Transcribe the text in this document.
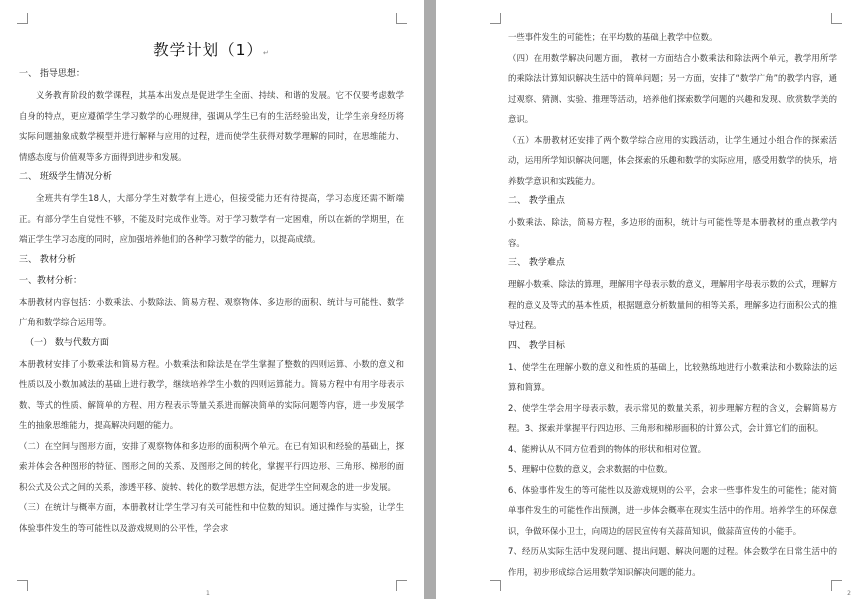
教学计划（1）↵
一、 指导思想：
义务教育阶段的数学课程，其基本出发点是促进学生全面、持续、和谐的发展。它不仅要考虑数学自身的特点，更应遵循学生学习数学的心理规律，强调从学生已有的生活经验出发，让学生亲身经历将实际问题抽象成数学模型并进行解释与应用的过程，进而使学生获得对数学理解的同时，在思维能力、情感态度与价值观等多方面得到进步和发展。
二、 班级学生情况分析
全班共有学生18人，大部分学生对数学有上进心，但接受能力还有待提高，学习态度还需不断端正。有部分学生自觉性不够，不能及时完成作业等。对于学习数学有一定困难，所以在新的学期里，在端正学生学习态度的同时，应加强培养他们的各种学习数学的能力，以提高成绩。
三、 教材分析
一、教材分析：
本册教材内容包括：小数乘法、小数除法、简易方程、观察物体、多边形的面积、统计与可能性、数学广角和数学综合运用等。
（一） 数与代数方面
本册教材安排了小数乘法和简易方程。小数乘法和除法是在学生掌握了整数的四则运算、小数的意义和性质以及小数加减法的基础上进行教学，继续培养学生小数的四则运算能力。简易方程中有用字母表示数、等式的性质、解简单的方程、用方程表示等量关系进而解决简单的实际问题等内容，进一步发展学生的抽象思维能力，提高解决问题的能力。
（二）在空间与图形方面，安排了观察物体和多边形的面积两个单元。在已有知识和经验的基础上，探索并体会各种图形的特征、图形之间的关系、及图形之间的转化，掌握平行四边形、三角形、梯形的面积公式及公式之间的关系，渗透平移、旋转、转化的数学思想方法，促进学生空间观念的进一步发展。
（三）在统计与概率方面，本册教材让学生学习有关可能性和中位数的知识。通过操作与实验，让学生体验事件发生的等可能性以及游戏规则的公平性，学会求
1
一些事件发生的可能性；在平均数的基础上教学中位数。
（四）在用数学解决问题方面， 教材一方面结合小数乘法和除法两个单元，教学用所学的乘除法计算知识解决生活中的简单问题；另一方面，安排了“数学广角”的教学内容，通过观察、猜测、实验、推理等活动，培养他们探索数学问题的兴趣和发现、欣赏数学美的意识。
（五）本册教材还安排了两个数学综合应用的实践活动，让学生通过小组合作的探索活动，运用所学知识解决问题，体会探索的乐趣和数学的实际应用，感受用数学的快乐，培养数学意识和实践能力。
二、 教学重点
小数乘法、除法，简易方程，多边形的面积，统计与可能性等是本册教材的重点教学内容。
三、 教学难点
理解小数乘、除法的算理，理解用字母表示数的意义，理解用字母表示数的公式，理解方程的意义及等式的基本性质，根据题意分析数量间的相等关系，理解多边行面积公式的推导过程。
四、 教学目标
1、使学生在理解小数的意义和性质的基础上，比较熟练地进行小数乘法和小数除法的运算和简算。
2、使学生学会用字母表示数，表示常见的数量关系，初步理解方程的含义，会解简易方程。3、探索并掌握平行四边形、三角形和梯形面积的计算公式，会计算它们的面积。
4、能辨认从不同方位看到的物体的形状和相对位置。
5、理解中位数的意义，会求数据的中位数。
6、体验事件发生的等可能性以及游戏规则的公平，会求一些事件发生的可能性；能对简单事件发生的可能性作出预测，进一步体会概率在现实生活中的作用。培养学生的环保意识，争做环保小卫士，向周边的居民宣传有关蒜苗知识，做蒜苗宣传的小能手。
7、经历从实际生活中发现问题、提出问题、解决问题的过程。体会数学在日常生活中的作用，初步形成综合运用数学知识解决问题的能力。
2
